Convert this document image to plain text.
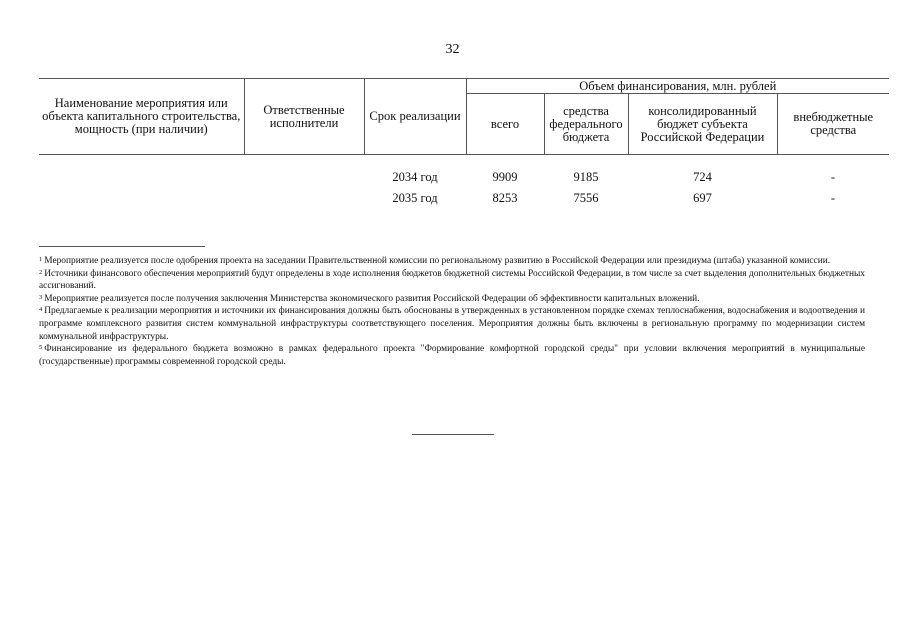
32
Наименование мероприятия или объекта капитального строительства, мощность (при наличии)	Ответственные исполнители	Срок реализации	Объем финансирования, млн. рублей			
			всего	средства федерального бюджета	консолидированный бюджет субъекта Российской Федерации	внебюджетные средства
		2034 год	9909	9185	724	-
		2035 год	8253	7556	697	-

$^1$ Мероприятие реализуется после одобрения проекта на заседании Правительственной комиссии по региональному развитию в Российской Федерации или президиума (штаба) указанной комиссии.

$^2$ Источники финансового обеспечения мероприятий будут определены в ходе исполнения бюджетов бюджетной системы Российской Федерации, в том числе за счет выделения дополнительных бюджетных ассигнований.

$^3$ Мероприятие реализуется после получения заключения Министерства экономического развития Российской Федерации об эффективности капитальных вложений.

$^4$ Предлагаемые к реализации мероприятия и источники их финансирования должны быть обоснованы в утвержденных в установленном порядке схемах теплоснабжения, водоснабжения и водоотведения и программе комплексного развития систем коммунальной инфраструктуры соответствующего поселения. Мероприятия должны быть включены в региональную программу по модернизации систем коммунальной инфраструктуры.

$^5$ Финансирование из федерального бюджета возможно в рамках федерального проекта "Формирование комфортной городской среды" при условии включения мероприятий в муниципальные (государственные) программы современной городской среды.
